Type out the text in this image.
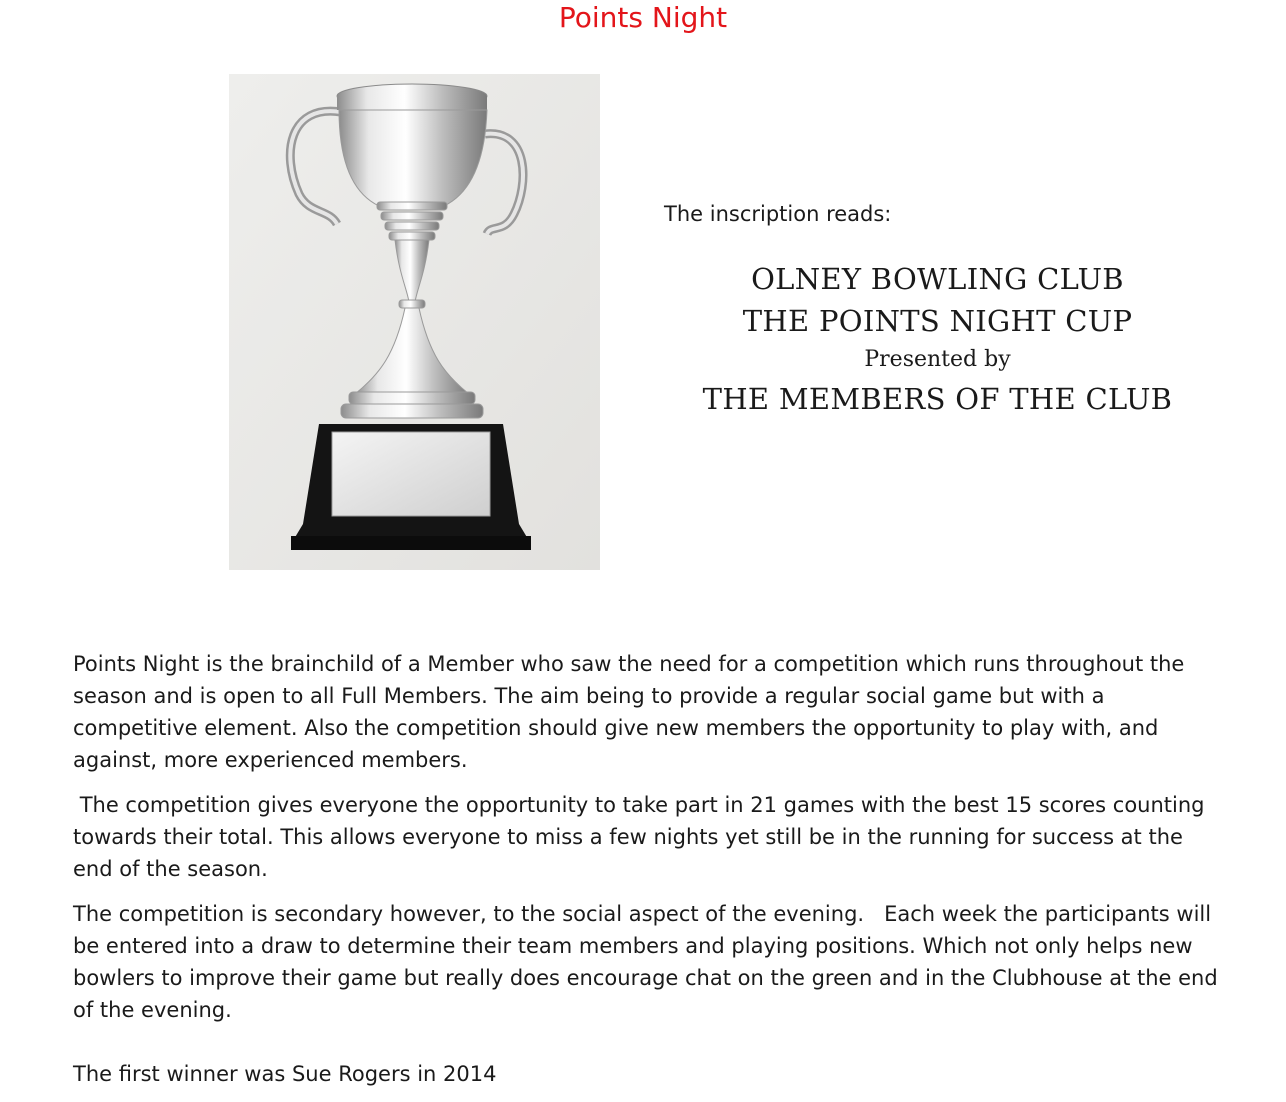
Points Night
The inscription reads:
OLNEY BOWLING CLUB
THE POINTS NIGHT CUP
Presented by
THE MEMBERS OF THE CLUB

Points Night is the brainchild of a Member who saw the need for a competition which runs throughout the season and is open to all Full Members. The aim being to provide a regular social game but with a competitive element. Also the competition should give new members the opportunity to play with, and against, more experienced members.

The competition gives everyone the opportunity to take part in 21 games with the best 15 scores counting towards their total. This allows everyone to miss a few nights yet still be in the running for success at the end of the season.

The competition is secondary however, to the social aspect of the evening.   Each week the participants will be entered into a draw to determine their team members and playing positions. Which not only helps new bowlers to improve their game but really does encourage chat on the green and in the Clubhouse at the end of the evening.

The first winner was Sue Rogers in 2014
